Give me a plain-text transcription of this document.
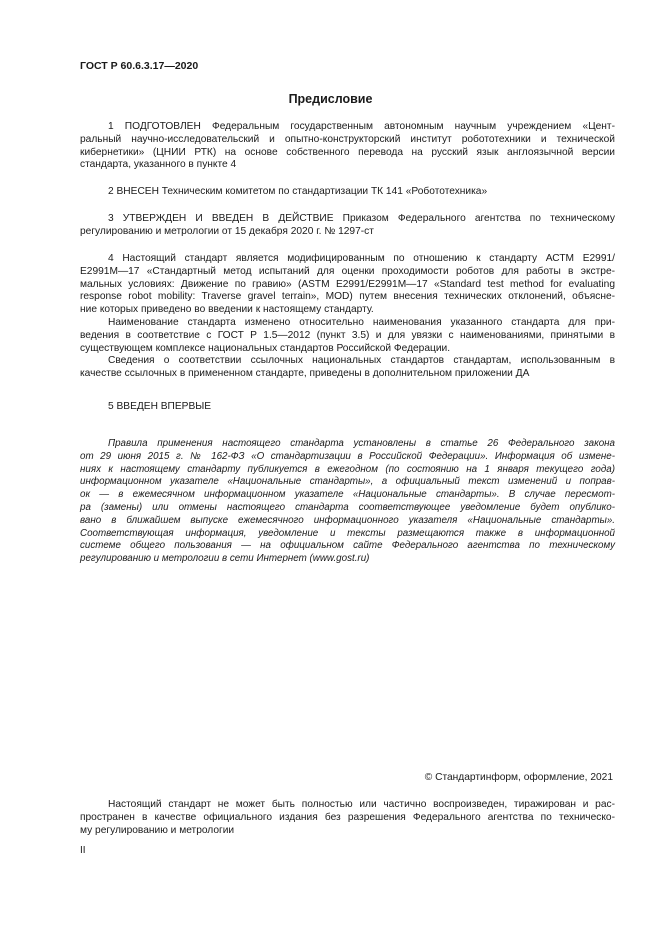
ГОСТ Р 60.6.3.17—2020
Предисловие
1 ПОДГОТОВЛЕН Федеральным государственным автономным научным учреждением «Цент-
ральный научно-исследовательский и опытно-конструкторский институт робототехники и технической
кибернетики» (ЦНИИ РТК) на основе собственного перевода на русский язык англоязычной версии
стандарта, указанного в пункте 4
2 ВНЕСЕН Техническим комитетом по стандартизации ТК 141 «Робототехника»
3 УТВЕРЖДЕН И ВВЕДЕН В ДЕЙСТВИЕ Приказом Федерального агентства по техническому
регулированию и метрологии от 15 декабря 2020 г. № 1297-ст
4 Настоящий стандарт является модифицированным по отношению к стандарту АСТМ Е2991/
Е2991М—17 «Стандартный метод испытаний для оценки проходимости роботов для работы в экстре-
мальных условиях: Движение по гравию» (ASTM E2991/E2991M—17 «Standard test method for evaluating
response robot mobility: Traverse gravel terrain», MOD) путем внесения технических отклонений, объясне-
ние которых приведено во введении к настоящему стандарту.
Наименование стандарта изменено относительно наименования указанного стандарта для при-
ведения в соответствие с ГОСТ Р 1.5—2012 (пункт 3.5) и для увязки с наименованиями, принятыми в
существующем комплексе национальных стандартов Российской Федерации.
Сведения о соответствии ссылочных национальных стандартов стандартам, использованным в
качестве ссылочных в примененном стандарте, приведены в дополнительном приложении ДА
5 ВВЕДЕН ВПЕРВЫЕ
Правила применения настоящего стандарта установлены в статье 26 Федерального закона
от 29 июня 2015 г. № 162-ФЗ «О стандартизации в Российской Федерации». Информация об измене-
ниях к настоящему стандарту публикуется в ежегодном (по состоянию на 1 января текущего года)
информационном указателе «Национальные стандарты», а официальный текст изменений и поправ-
ок — в ежемесячном информационном указателе «Национальные стандарты». В случае пересмот-
ра (замены) или отмены настоящего стандарта соответствующее уведомление будет опублико-
вано в ближайшем выпуске ежемесячного информационного указателя «Национальные стандарты».
Соответствующая информация, уведомление и тексты размещаются также в информационной
системе общего пользования — на официальном сайте Федерального агентства по техническому
регулированию и метрологии в сети Интернет (www.gost.ru)
© Стандартинформ, оформление, 2021
Настоящий стандарт не может быть полностью или частично воспроизведен, тиражирован и рас-
пространен в качестве официального издания без разрешения Федерального агентства по техническо-
му регулированию и метрологии
II
